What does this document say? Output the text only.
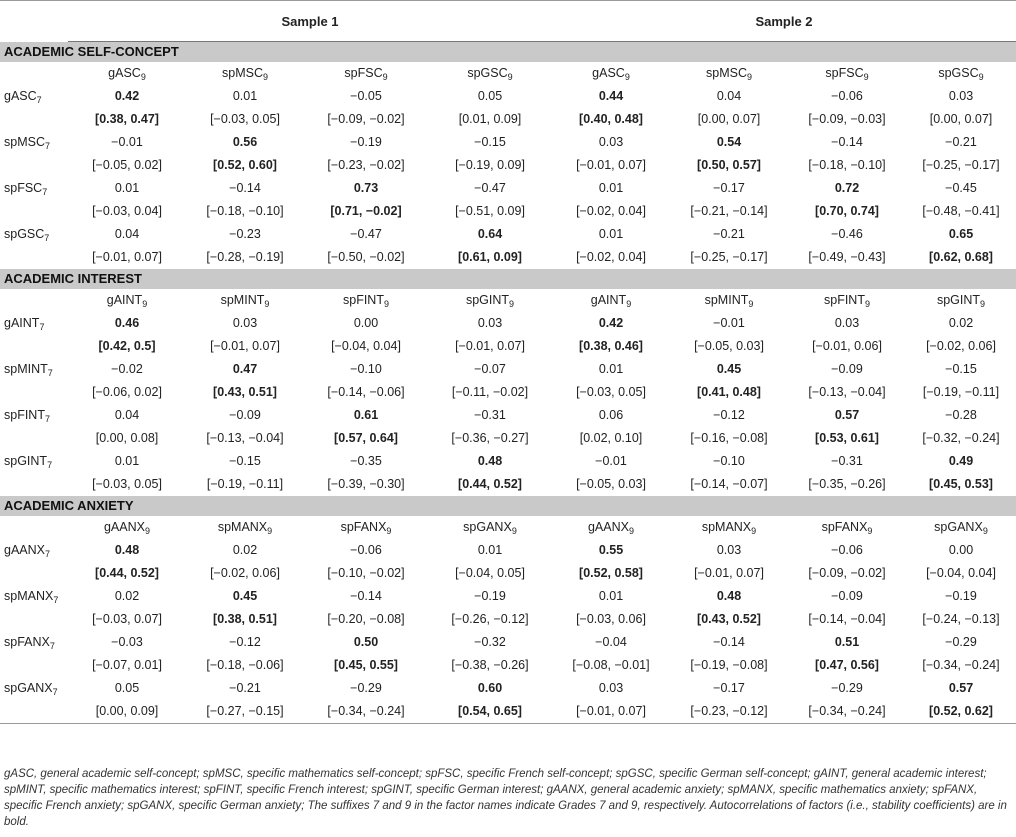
	Sample 1				Sample 2			
ACADEMIC SELF-CONCEPT								
	gASC$_9$	spMSC$_9$	spFSC$_9$	spGSC$_9$	gASC$_9$	spMSC$_9$	spFSC$_9$	spGSC$_9$
gASC$_7$	0.42	0.01	−0.05	0.05	0.44	0.04	−0.06	0.03
	[0.38, 0.47]	[−0.03, 0.05]	[−0.09, −0.02]	[0.01, 0.09]	[0.40, 0.48]	[0.00, 0.07]	[−0.09, −0.03]	[0.00, 0.07]
spMSC$_7$	−0.01	0.56	−0.19	−0.15	0.03	0.54	−0.14	−0.21
	[−0.05, 0.02]	[0.52, 0.60]	[−0.23, −0.02]	[−0.19, 0.09]	[−0.01, 0.07]	[0.50, 0.57]	[−0.18, −0.10]	[−0.25, −0.17]
spFSC$_7$	0.01	−0.14	0.73	−0.47	0.01	−0.17	0.72	−0.45
	[−0.03, 0.04]	[−0.18, −0.10]	[0.71, −0.02]	[−0.51, 0.09]	[−0.02, 0.04]	[−0.21, −0.14]	[0.70, 0.74]	[−0.48, −0.41]
spGSC$_7$	0.04	−0.23	−0.47	0.64	0.01	−0.21	−0.46	0.65
	[−0.01, 0.07]	[−0.28, −0.19]	[−0.50, −0.02]	[0.61, 0.09]	[−0.02, 0.04]	[−0.25, −0.17]	[−0.49, −0.43]	[0.62, 0.68]
ACADEMIC INTEREST								
	gAINT$_9$	spMINT$_9$	spFINT$_9$	spGINT$_9$	gAINT$_9$	spMINT$_9$	spFINT$_9$	spGINT$_9$
gAINT$_7$	0.46	0.03	0.00	0.03	0.42	−0.01	0.03	0.02
	[0.42, 0.5]	[−0.01, 0.07]	[−0.04, 0.04]	[−0.01, 0.07]	[0.38, 0.46]	[−0.05, 0.03]	[−0.01, 0.06]	[−0.02, 0.06]
spMINT$_7$	−0.02	0.47	−0.10	−0.07	0.01	0.45	−0.09	−0.15
	[−0.06, 0.02]	[0.43, 0.51]	[−0.14, −0.06]	[−0.11, −0.02]	[−0.03, 0.05]	[0.41, 0.48]	[−0.13, −0.04]	[−0.19, −0.11]
spFINT$_7$	0.04	−0.09	0.61	−0.31	0.06	−0.12	0.57	−0.28
	[0.00, 0.08]	[−0.13, −0.04]	[0.57, 0.64]	[−0.36, −0.27]	[0.02, 0.10]	[−0.16, −0.08]	[0.53, 0.61]	[−0.32, −0.24]
spGINT$_7$	0.01	−0.15	−0.35	0.48	−0.01	−0.10	−0.31	0.49
	[−0.03, 0.05]	[−0.19, −0.11]	[−0.39, −0.30]	[0.44, 0.52]	[−0.05, 0.03]	[−0.14, −0.07]	[−0.35, −0.26]	[0.45, 0.53]
ACADEMIC ANXIETY								
	gAANX$_9$	spMANX$_9$	spFANX$_9$	spGANX$_9$	gAANX$_9$	spMANX$_9$	spFANX$_9$	spGANX$_9$
gAANX$_7$	0.48	0.02	−0.06	0.01	0.55	0.03	−0.06	0.00
	[0.44, 0.52]	[−0.02, 0.06]	[−0.10, −0.02]	[−0.04, 0.05]	[0.52, 0.58]	[−0.01, 0.07]	[−0.09, −0.02]	[−0.04, 0.04]
spMANX$_7$	0.02	0.45	−0.14	−0.19	0.01	0.48	−0.09	−0.19
	[−0.03, 0.07]	[0.38, 0.51]	[−0.20, −0.08]	[−0.26, −0.12]	[−0.03, 0.06]	[0.43, 0.52]	[−0.14, −0.04]	[−0.24, −0.13]
spFANX$_7$	−0.03	−0.12	0.50	−0.32	−0.04	−0.14	0.51	−0.29
	[−0.07, 0.01]	[−0.18, −0.06]	[0.45, 0.55]	[−0.38, −0.26]	[−0.08, −0.01]	[−0.19, −0.08]	[0.47, 0.56]	[−0.34, −0.24]
spGANX$_7$	0.05	−0.21	−0.29	0.60	0.03	−0.17	−0.29	0.57
	[0.00, 0.09]	[−0.27, −0.15]	[−0.34, −0.24]	[0.54, 0.65]	[−0.01, 0.07]	[−0.23, −0.12]	[−0.34, −0.24]	[0.52, 0.62]
gASC, general academic self-concept; spMSC, specific mathematics self-concept; spFSC, specific French self-concept; spGSC, specific German self-concept; gAINT, general academic interest; spMINT, specific mathematics interest; spFINT, specific French interest; spGINT, specific German interest; gAANX, general academic anxiety; spMANX, specific mathematics anxiety; spFANX, specific French anxiety; spGANX, specific German anxiety; The suffixes 7 and 9 in the factor names indicate Grades 7 and 9, respectively. Autocorrelations of factors (i.e., stability coefficients) are in bold.
